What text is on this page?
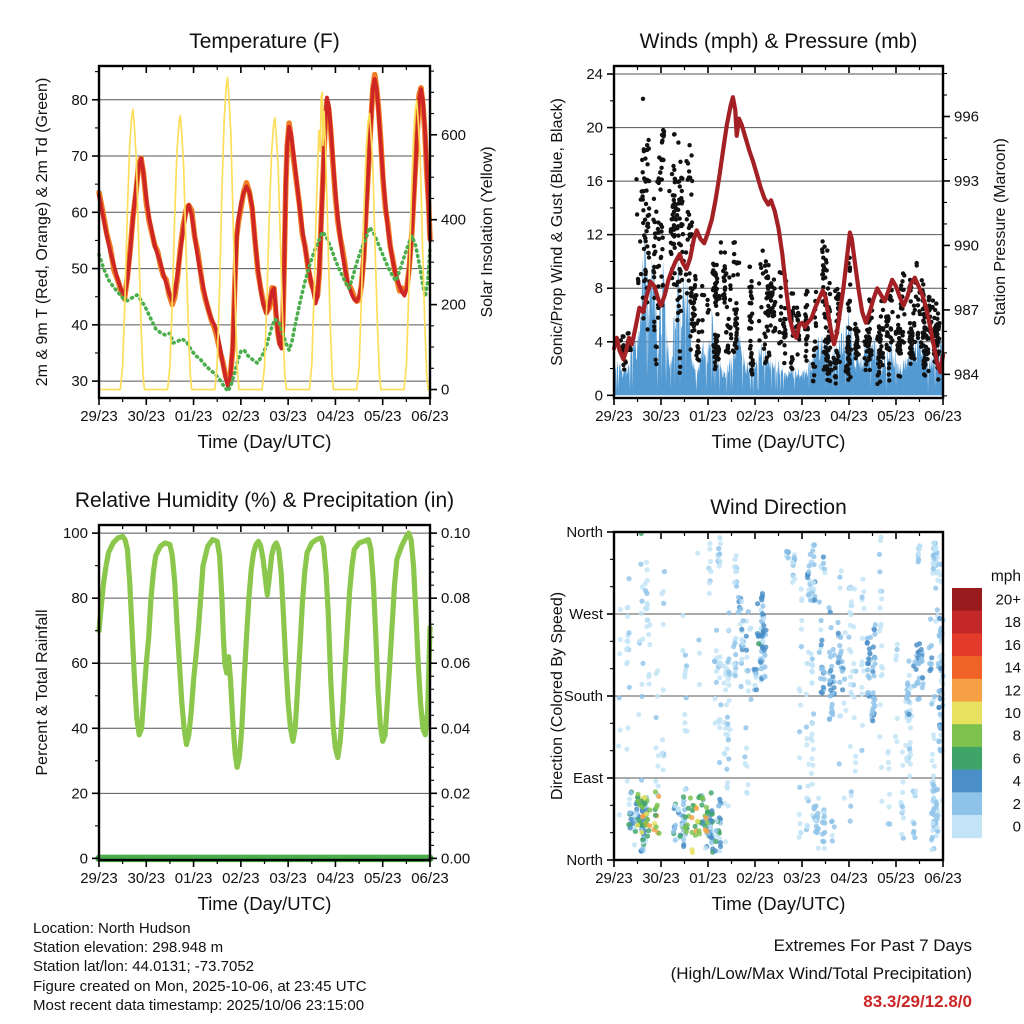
29/23 30/23 01/23 02/23 03/23 04/23 05/23 06/23
Time (Day/UTC)
30
40
50
60
70
80
2m & 9m T (Red, Orange) & 2m Td (Green)
0
200
400
600
Solar Insolation (Yellow)
Temperature (F)
29/23 30/23 01/23 02/23 03/23 04/23 05/23 06/23
Time (Day/UTC)
0
4
8
12
16
20
24
Sonic/Prop Wind & Gust (Blue, Black)
984
987
990
993
996
Station Pressure (Maroon)
Winds (mph) & Pressure (mb)
29/23 30/23 01/23 02/23 03/23 04/23 05/23 06/23
Time (Day/UTC)
0
20
40
60
80
100
Percent & Total Rainfall
0.00
0.02
0.04
0.06
0.08
0.10
Relative Humidity (%) & Precipitation (in)
29/23 30/23 01/23 02/23 03/23 04/23 05/23 06/23
Time (Day/UTC)
North
East
South
West
North
Direction (Colored By Speed)
Wind Direction
mph
20+
18
16
14
12
10
8
6
4
2
0
Location: North Hudson
Station elevation: 298.948 m
Station lat/lon: 44.0131; -73.7052
Figure created on Mon, 2025-10-06, at 23:45 UTC
Most recent data timestamp: 2025/10/06 23:15:00
Extremes For Past 7 Days
(High/Low/Max Wind/Total Precipitation)
83.3/29/12.8/0
